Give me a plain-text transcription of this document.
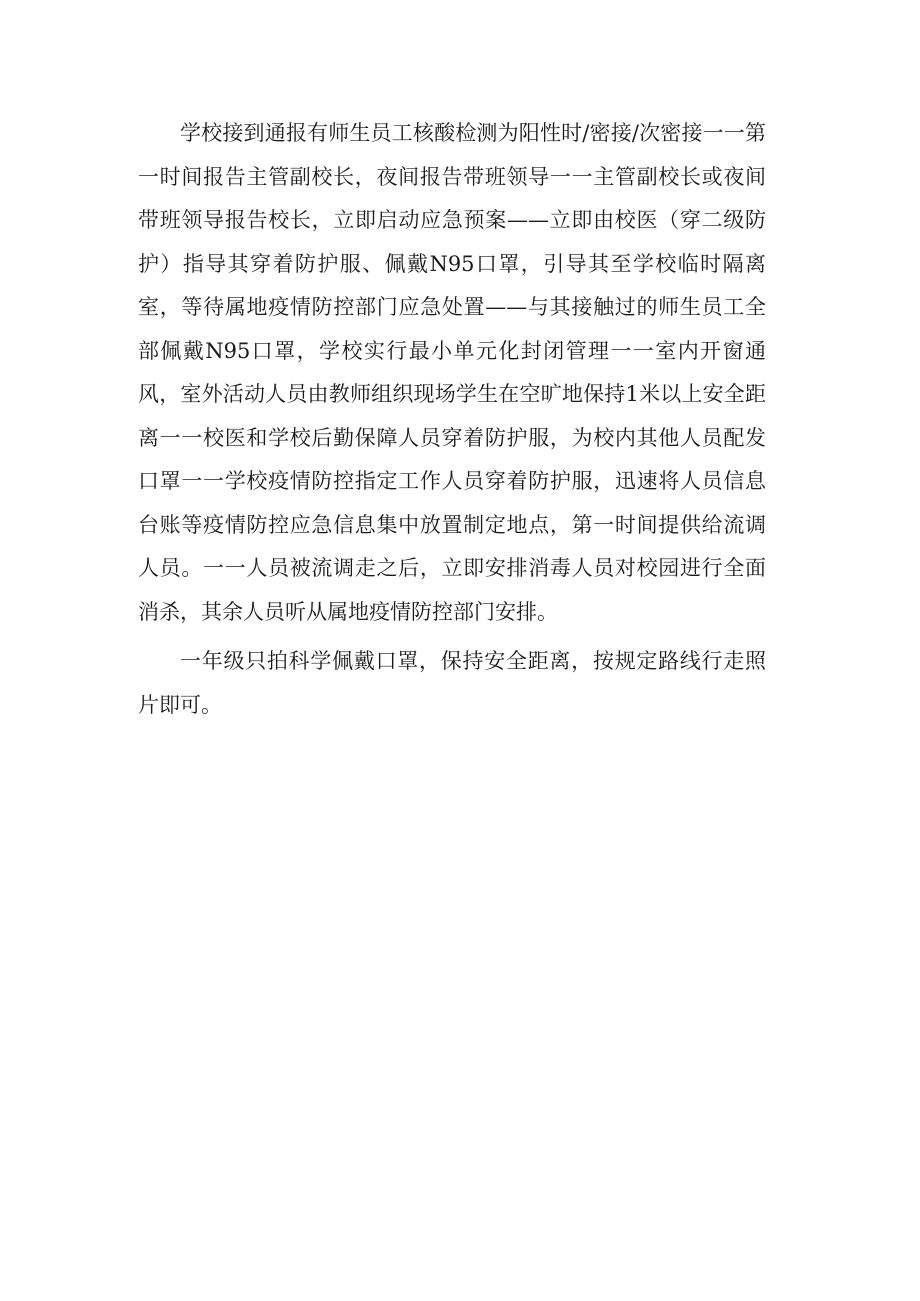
学校接到通报有师生员工核酸检测为阳性时/密接/次密接一一第一时间报告主管副校长，夜间报告带班领导一一主管副校长或夜间带班领导报告校长，立即启动应急预案——立即由校医（穿二级防护）指导其穿着防护服、佩戴N95口罩，引导其至学校临时隔离室，等待属地疫情防控部门应急处置——与其接触过的师生员工全部佩戴N95口罩，学校实行最小单元化封闭管理一一室内开窗通风，室外活动人员由教师组织现场学生在空旷地保持1米以上安全距离一一校医和学校后勤保障人员穿着防护服，为校内其他人员配发口罩一一学校疫情防控指定工作人员穿着防护服，迅速将人员信息台账等疫情防控应急信息集中放置制定地点，第一时间提供给流调人员。一一人员被流调走之后，立即安排消毒人员对校园进行全面消杀，其余人员听从属地疫情防控部门安排。

一年级只拍科学佩戴口罩，保持安全距离，按规定路线行走照片即可。
